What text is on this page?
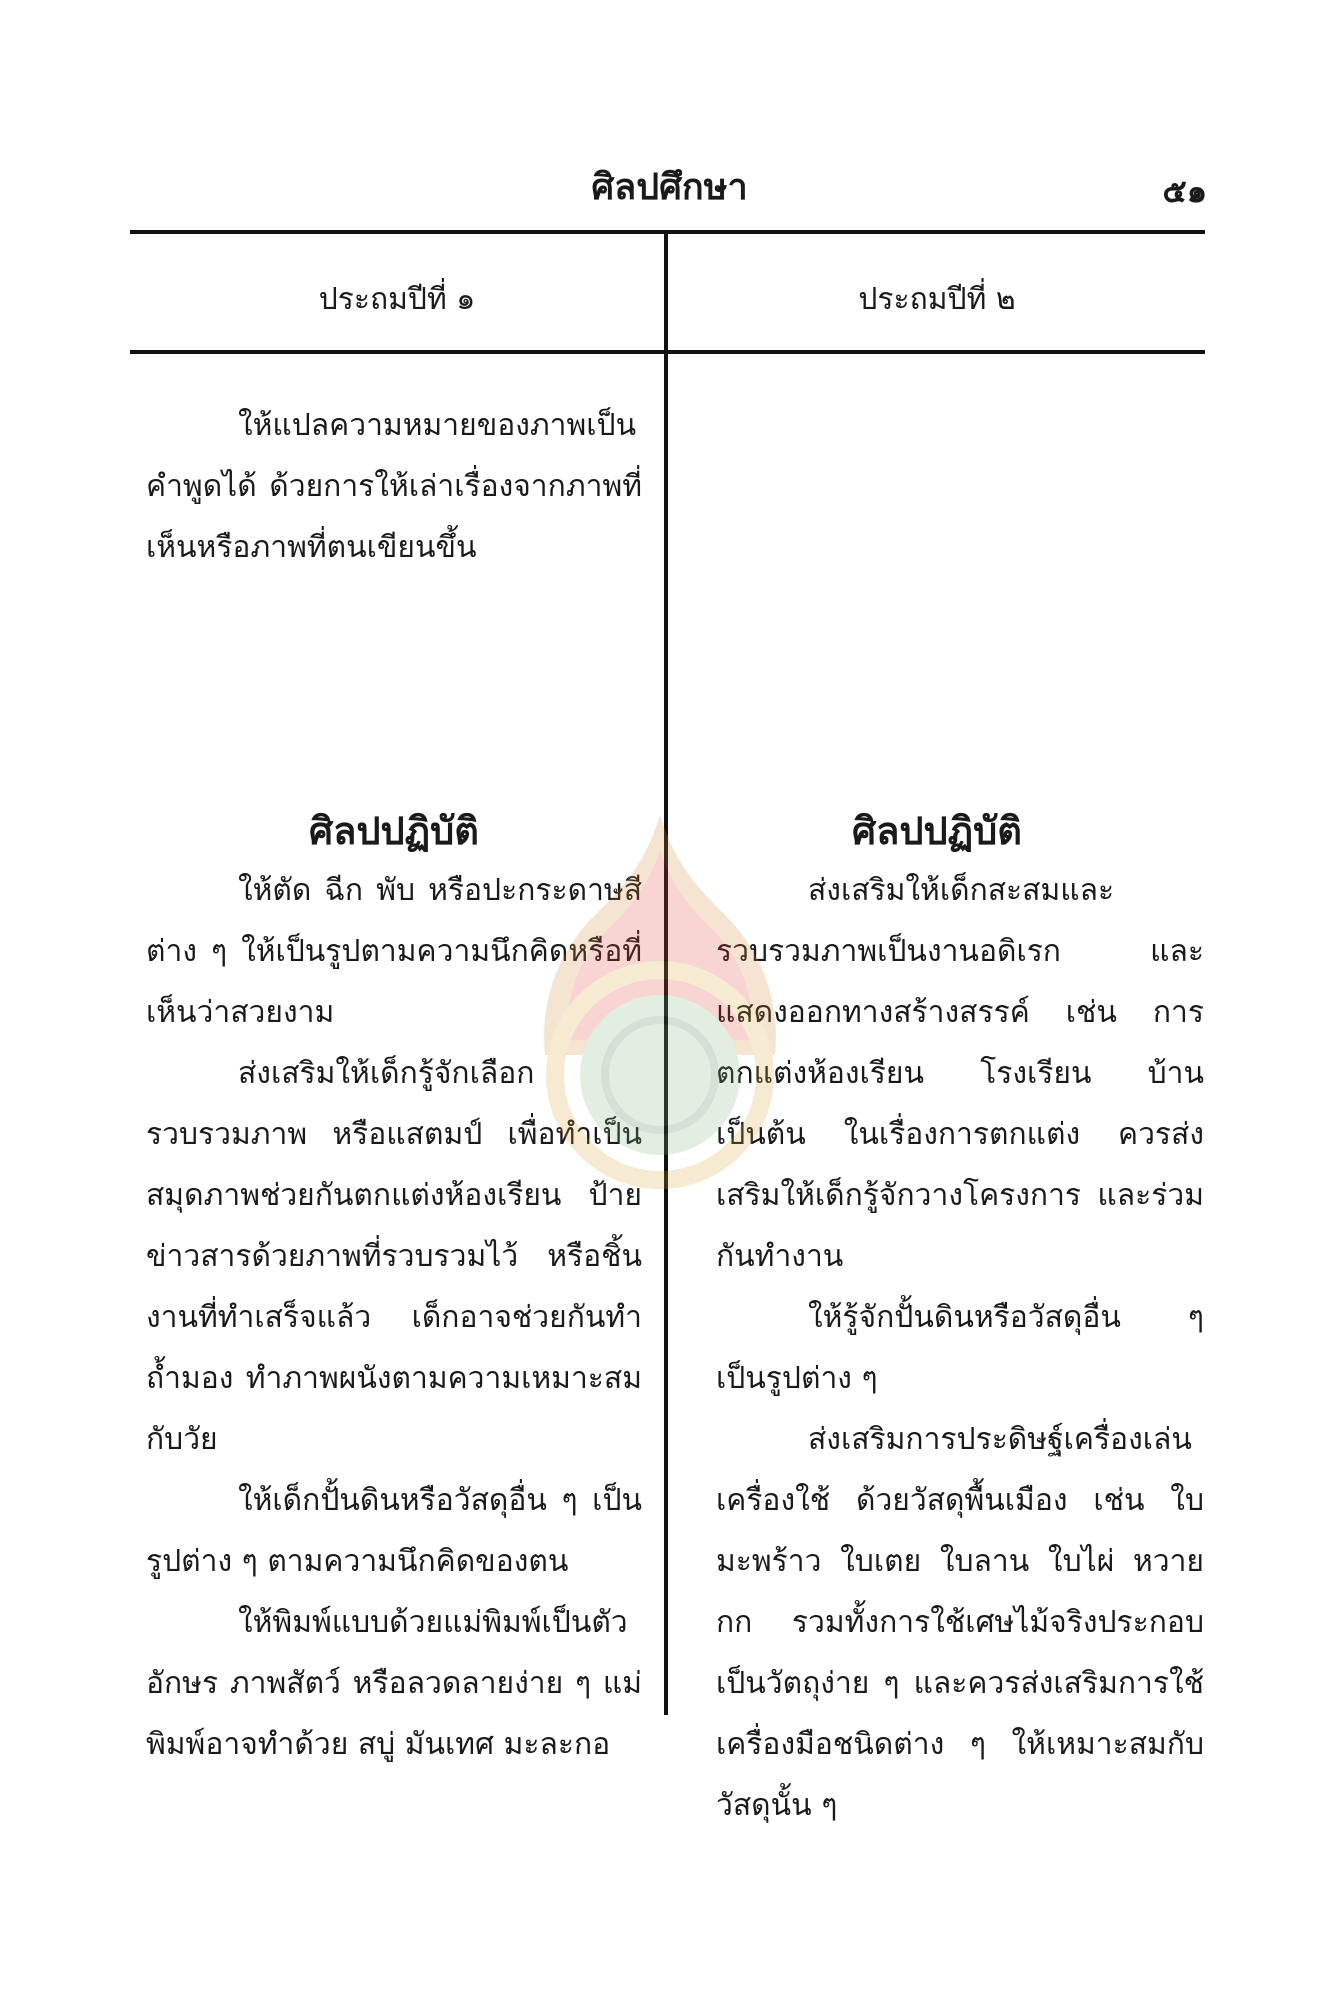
ศิลปศึกษา	๕๑
ประถมปีที่ ๑	ประถมปีที่ ๒

ให้แปลความหมายของภาพเป็นคำพูดได้ ด้วยการให้เล่าเรื่องจากภาพที่เห็นหรือภาพที่ตนเขียนขึ้น

ศิลปปฏิบัติ

ให้ตัด ฉีก พับ หรือปะกระดาษสีต่าง ๆ ให้เป็นรูปตามความนึกคิดหรือที่เห็นว่าสวยงาม

ส่งเสริมให้เด็กรู้จักเลือก รวบรวมภาพ หรือแสตมป์ เพื่อทำเป็นสมุดภาพช่วยกันตกแต่งห้องเรียน ป้ายข่าวสารด้วยภาพที่รวบรวมไว้ หรือชิ้นงานที่ทำเสร็จแล้ว เด็กอาจช่วยกันทำถ้ำมอง ทำภาพผนังตามความเหมาะสมกับวัย

ให้เด็กปั้นดินหรือวัสดุอื่น ๆ เป็นรูปต่าง ๆ ตามความนึกคิดของตน

ให้พิมพ์แบบด้วยแม่พิมพ์เป็นตัวอักษร ภาพสัตว์ หรือลวดลายง่าย ๆ แม่พิมพ์อาจทำด้วย สบู่ มันเทศ มะละกอ

ศิลปปฏิบัติ

ส่งเสริมให้เด็กสะสมและรวบรวมภาพเป็นงานอดิเรก และแสดงออกทางสร้างสรรค์ เช่น การตกแต่งห้องเรียน โรงเรียน บ้าน เป็นต้น ในเรื่องการตกแต่ง ควรส่งเสริมให้เด็กรู้จักวางโครงการ และร่วมกันทำงาน

ให้รู้จักปั้นดินหรือวัสดุอื่น ๆ เป็นรูปต่าง ๆ

ส่งเสริมการประดิษฐ์เครื่องเล่น เครื่องใช้ ด้วยวัสดุพื้นเมือง เช่น ใบมะพร้าว ใบเตย ใบลาน ใบไผ่ หวาย กก รวมทั้งการใช้เศษไม้จริงประกอบเป็นวัตถุง่าย ๆ และควรส่งเสริมการใช้เครื่องมือชนิดต่าง ๆ ให้เหมาะสมกับวัสดุนั้น ๆ
